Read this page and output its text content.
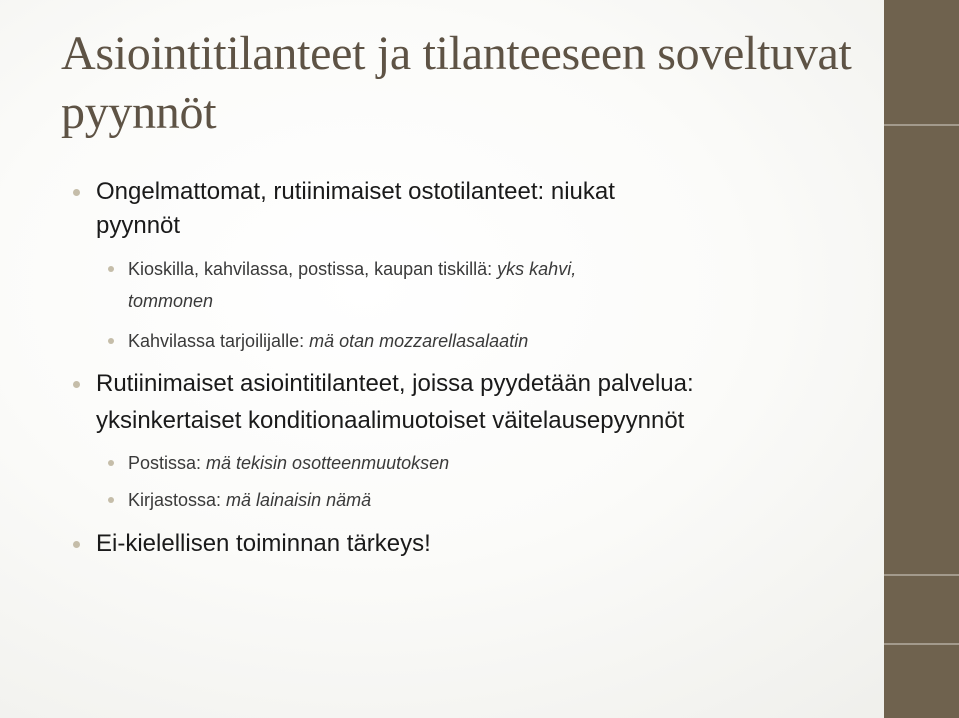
Asiointitilanteet ja tilanteeseen soveltuvat pyynnöt

Ongelmattomat, rutiinimaiset ostotilanteet: niukat

pyynnöt

Kioskilla, kahvilassa, postissa, kaupan tiskillä: yks kahvi,

tommonen

Kahvilassa tarjoilijalle: mä otan mozzarellasalaatin

Rutiinimaiset asiointitilanteet, joissa pyydetään palvelua:

yksinkertaiset konditionaalimuotoiset väitelausepyynnöt

Postissa: mä tekisin osotteenmuutoksen

Kirjastossa: mä lainaisin nämä

Ei-kielellisen toiminnan tärkeys!
